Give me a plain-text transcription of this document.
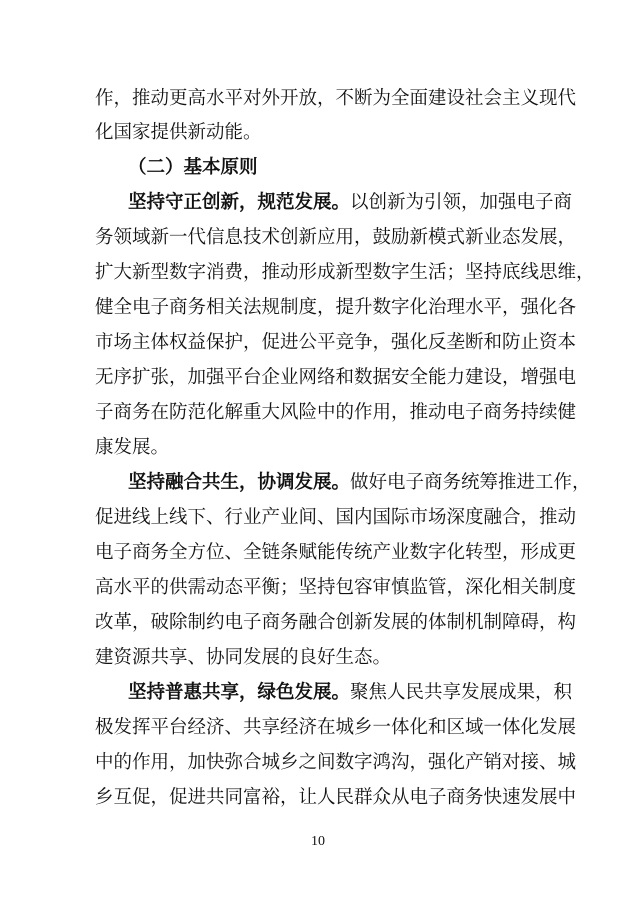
作，推动更高水平对外开放，不断为全面建设社会主义现代
化国家提供新动能。
（二）基本原则
坚持守正创新，规范发展。以创新为引领，加强电子商
务领域新一代信息技术创新应用，鼓励新模式新业态发展，
扩大新型数字消费，推动形成新型数字生活；坚持底线思维，
健全电子商务相关法规制度，提升数字化治理水平，强化各
市场主体权益保护，促进公平竞争，强化反垄断和防止资本
无序扩张，加强平台企业网络和数据安全能力建设，增强电
子商务在防范化解重大风险中的作用，推动电子商务持续健
康发展。
坚持融合共生，协调发展。做好电子商务统筹推进工作，
促进线上线下、行业产业间、国内国际市场深度融合，推动
电子商务全方位、全链条赋能传统产业数字化转型，形成更
高水平的供需动态平衡；坚持包容审慎监管，深化相关制度
改革，破除制约电子商务融合创新发展的体制机制障碍，构
建资源共享、协同发展的良好生态。
坚持普惠共享，绿色发展。聚焦人民共享发展成果，积
极发挥平台经济、共享经济在城乡一体化和区域一体化发展
中的作用，加快弥合城乡之间数字鸿沟，强化产销对接、城
乡互促，促进共同富裕，让人民群众从电子商务快速发展中
10
